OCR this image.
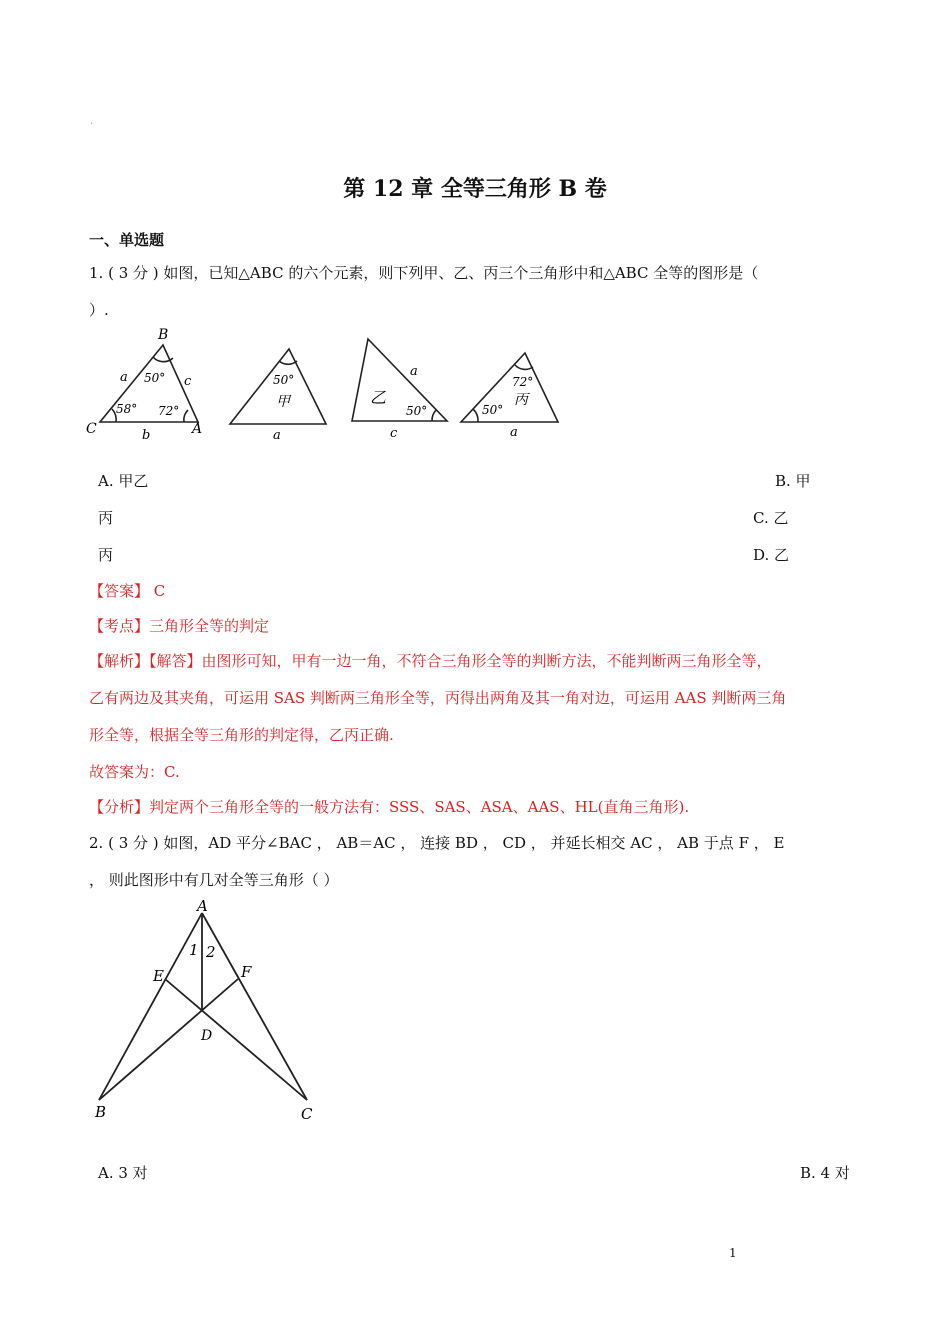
.
第 12 章 全等三角形 B 卷
一、单选题
1. ( 3 分 ) 如图，已知△ABC 的六个元素，则下列甲、乙、丙三个三角形中和△ABC 全等的图形是（
）.
B
C	A
a	c
b
50°
58° 72°
50°
甲
a
乙
a
50°
c
72°
丙
50°
a
A. 甲乙	B. 甲
丙	C. 乙
丙	D. 乙
【答案】 C
【考点】三角形全等的判定
【解析】【解答】由图形可知，甲有一边一角，不符合三角形全等的判断方法，不能判断两三角形全等，
乙有两边及其夹角，可运用 SAS 判断两三角形全等，丙得出两角及其一角对边，可运用 AAS 判断两三角
形全等，根据全等三角形的判定得，乙丙正确.
故答案为：C.
【分析】判定两个三角形全等的一般方法有：SSS、SAS、ASA、AAS、HL(直角三角形).
2. ( 3 分 ) 如图，AD 平分∠BAC ， AB＝AC ， 连接 BD ， CD ， 并延长相交 AC ， AB 于点 F ， E
， 则此图形中有几对全等三角形（ ）
A
B	C
D
E	F
1 2
A. 3 对	B. 4 对
1
